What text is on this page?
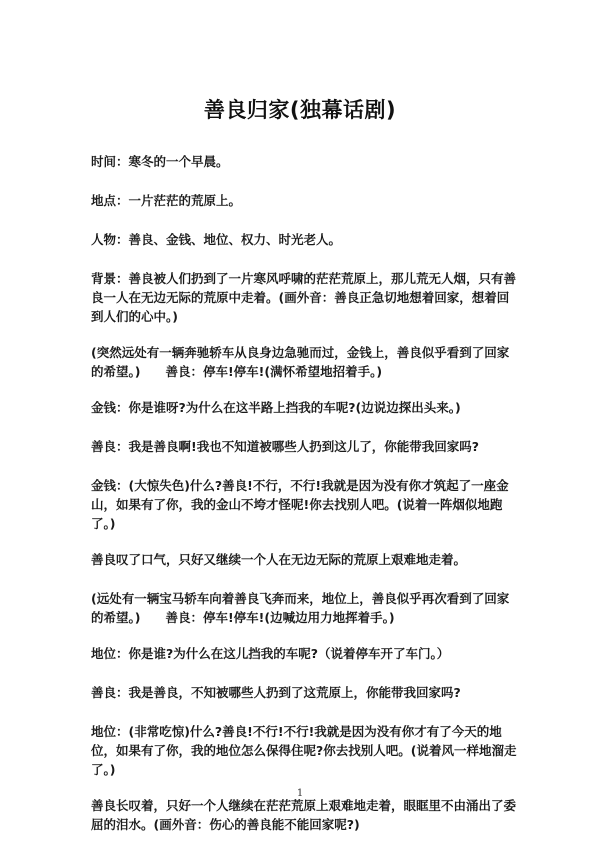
善良归家(独幕话剧)

时间：寒冬的一个早晨。

地点：一片茫茫的荒原上。

人物：善良、金钱、地位、权力、时光老人。

背景：善良被人们扔到了一片寒风呼啸的茫茫荒原上，那儿荒无人烟，只有善良一人在无边无际的荒原中走着。(画外音：善良正急切地想着回家，想着回到人们的心中。)

(突然远处有一辆奔驰轿车从良身边急驰而过，金钱上，善良似乎看到了回家的希望。)　　善良：停车!停车!(满怀希望地招着手。)

金钱：你是谁呀?为什么在这半路上挡我的车呢?(边说边探出头来。)

善良：我是善良啊!我也不知道被哪些人扔到这儿了，你能带我回家吗?

金钱：(大惊失色)什么?善良!不行，不行!我就是因为没有你才筑起了一座金山，如果有了你，我的金山不垮才怪呢!你去找别人吧。(说着一阵烟似地跑了。)

善良叹了口气，只好又继续一个人在无边无际的荒原上艰难地走着。

(远处有一辆宝马轿车向着善良飞奔而来，地位上，善良似乎再次看到了回家的希望。)　　善良：停车!停车!(边喊边用力地挥着手。)

地位：你是谁?为什么在这儿挡我的车呢?（说着停车开了车门。）

善良：我是善良，不知被哪些人扔到了这荒原上，你能带我回家吗?

地位：(非常吃惊)什么?善良!不行!不行!我就是因为没有你才有了今天的地位，如果有了你，我的地位怎么保得住呢?你去找别人吧。(说着风一样地溜走了。)

善良长叹着，只好一个人继续在茫茫荒原上艰难地走着，眼眶里不由涌出了委屈的泪水。(画外音：伤心的善良能不能回家呢?)

1
